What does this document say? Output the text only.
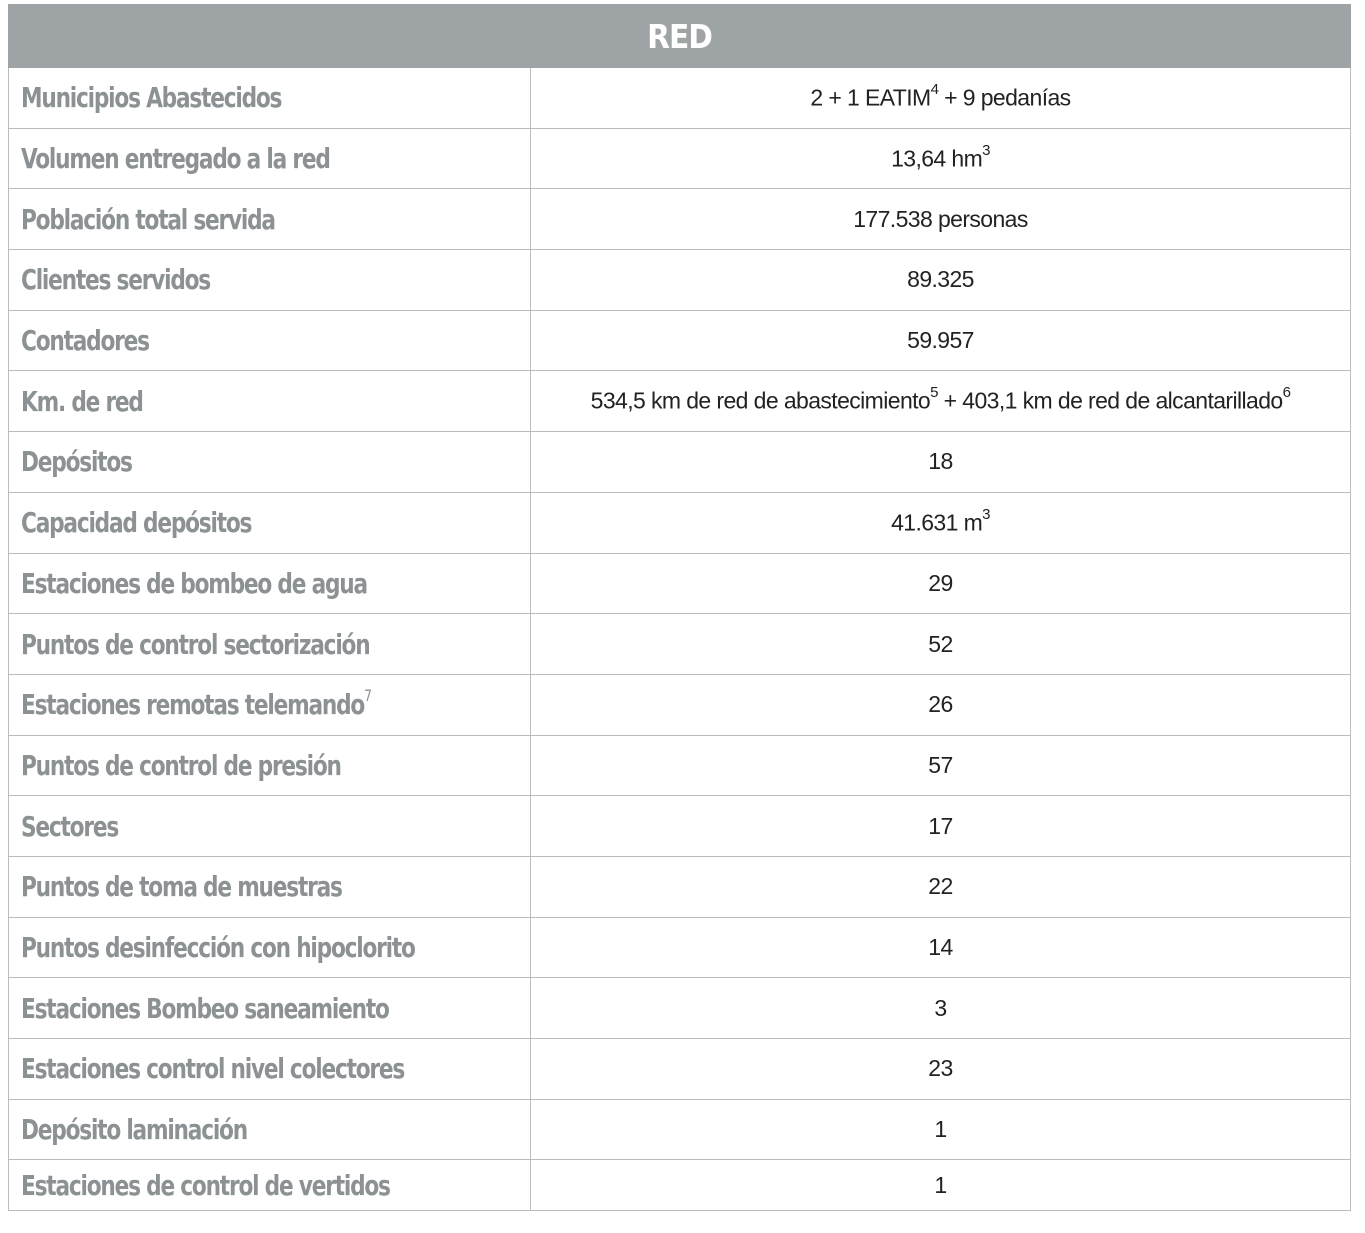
RED	
Municipios Abastecidos	2 + 1 $EATIM^4 + 9$ pedanías
Volumen entregado a la red	13,64 $hm^3$
Población total servida	177.538 personas
Clientes servidos	89.325
Contadores	59.957
Km. de red	534,5 km de red de abastecimiento$^5$ + 403,1 km de red de alcantarillado$^6$
Depósitos	18
Capacidad depósitos	41.631 $m^3$
Estaciones de bombeo de agua	29
Puntos de control sectorización	52
Estaciones remotas telemando$^7$	26
Puntos de control de presión	57
Sectores	17
Puntos de toma de muestras	22
Puntos desinfección con hipoclorito	14
Estaciones Bombeo saneamiento	3
Estaciones control nivel colectores	23
Depósito laminación	1
Estaciones de control de vertidos	1
